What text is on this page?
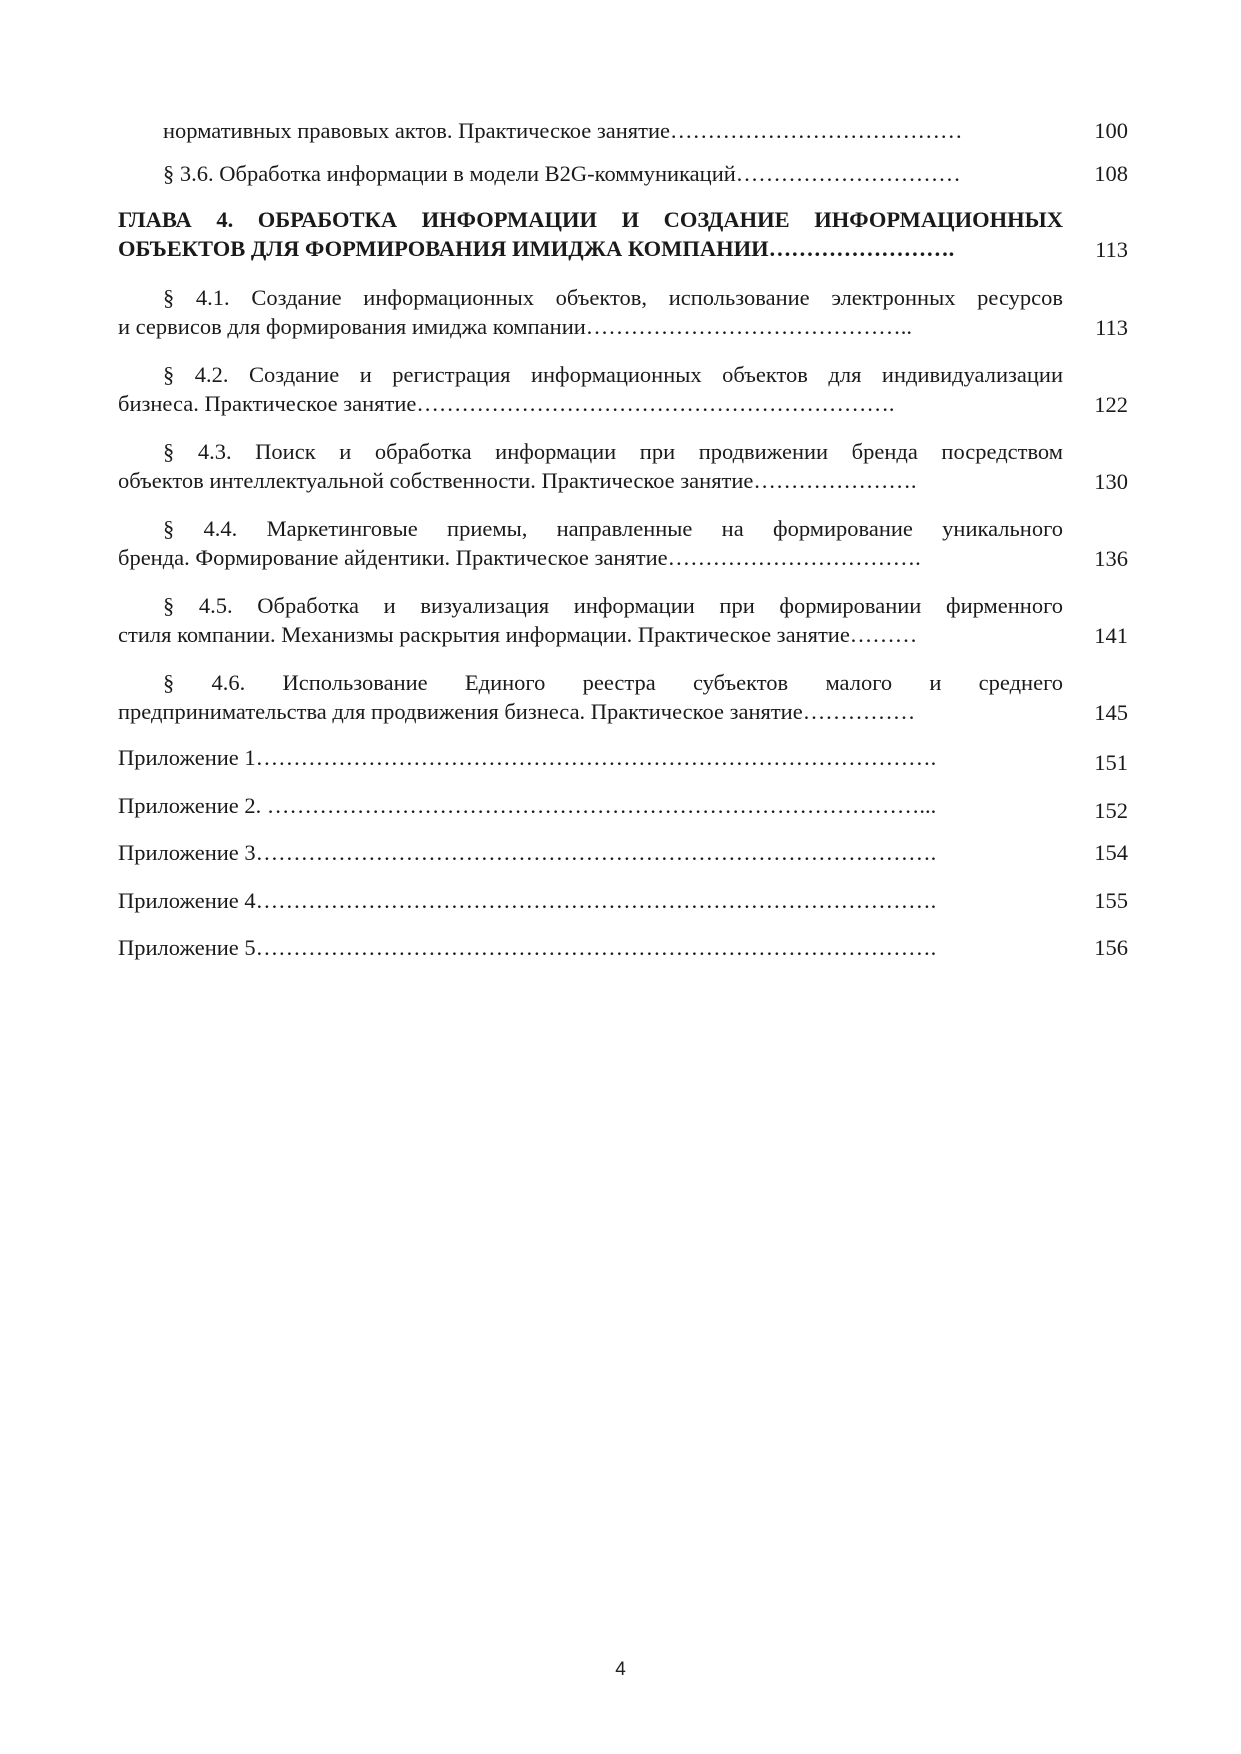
нормативных правовых актов. Практическое занятие…………………………………	100
§ 3.6. Обработка информации в модели B2G-коммуникаций…………………………	108
ГЛАВА 4. ОБРАБОТКА ИНФОРМАЦИИ И СОЗДАНИЕ ИНФОРМАЦИОННЫХ
ОБЪЕКТОВ ДЛЯ ФОРМИРОВАНИЯ ИМИДЖА КОМПАНИИ…………………….	113
§ 4.1. Создание информационных объектов, использование электронных ресурсов
и сервисов для формирования имиджа компании……………………………………..	113
§ 4.2. Создание и регистрация информационных объектов для индивидуализации
бизнеса. Практическое занятие……………………………………………………….	122
§ 4.3. Поиск и обработка информации при продвижении бренда посредством
объектов интеллектуальной собственности. Практическое занятие………………….	130
§ 4.4. Маркетинговые приемы, направленные на формирование уникального
бренда. Формирование айдентики. Практическое занятие…………………………….	136
§ 4.5. Обработка и визуализация информации при формировании фирменного
стиля компании. Механизмы раскрытия информации. Практическое занятие………	141
§ 4.6. Использование Единого реестра субъектов малого и среднего
предпринимательства для продвижения бизнеса. Практическое занятие……………	145
Приложение 1……………………………………………………………………………….	151
Приложение 2. ……………………………………………………………………………...	152
Приложение 3……………………………………………………………………………….	154
Приложение 4……………………………………………………………………………….	155
Приложение 5……………………………………………………………………………….	156
4
